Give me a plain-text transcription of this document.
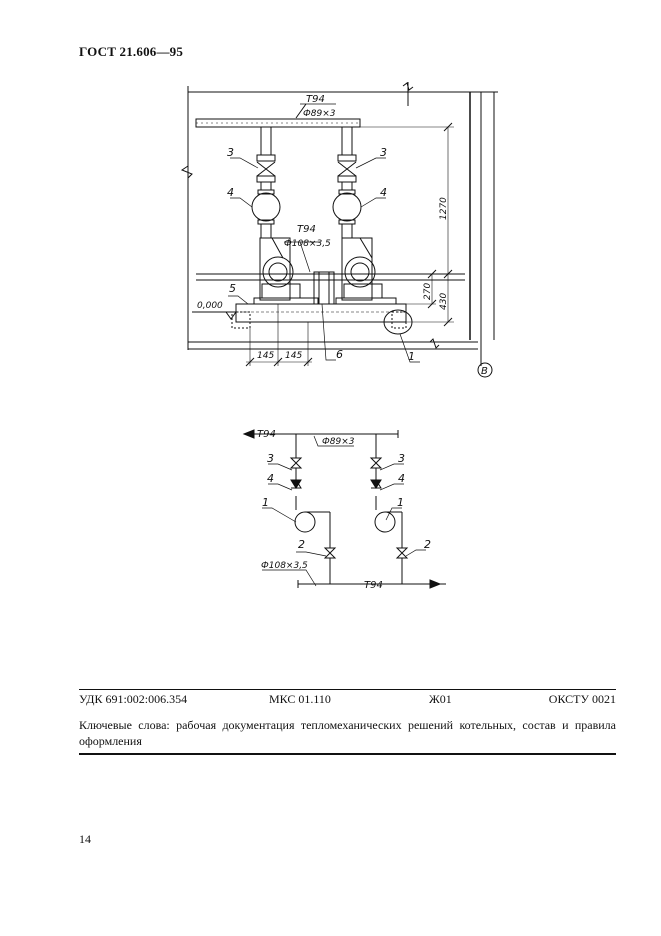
ГОСТ 21.606—95
Т94
Ф89×3
3	3
4	4
Т94
Ф108×3,5
5
0,000
6	1
145 145
В
1270
270
430
Т94
Ф89×3
3	3
4	4
1	1
2	2
Ф108×3,5
Т94
УДК 691:002:006.354	МКС 01.110	Ж01	ОКСТУ 0021
Ключевые слова: рабочая документация тепломеханических решений котельных, состав и правила оформления
14
